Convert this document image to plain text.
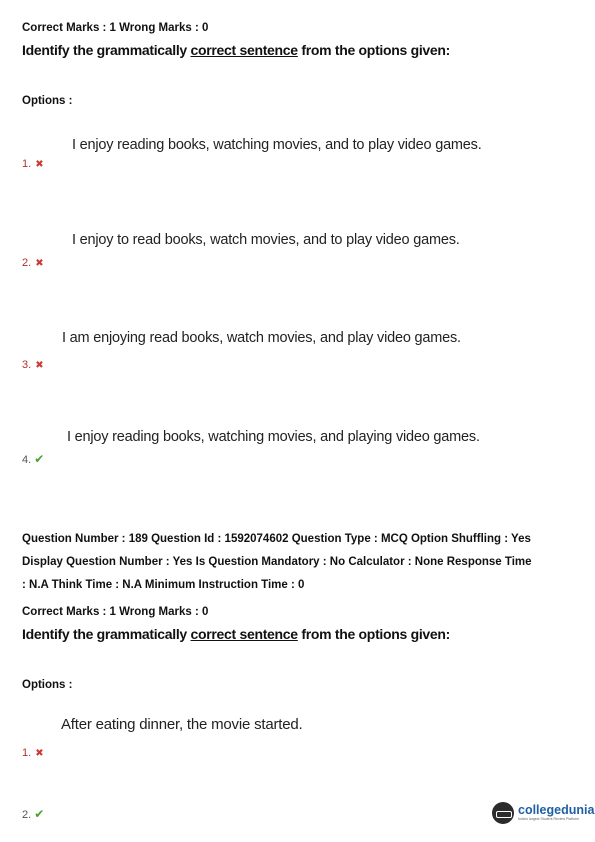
Correct Marks : 1 Wrong Marks : 0
Identify the grammatically correct sentence from the options given:
Options :
I enjoy reading books, watching movies, and to play video games.
1. ✖
I enjoy to read books, watch movies, and to play video games.
2. ✖
I am enjoying read books, watch movies, and play video games.
3. ✖
I enjoy reading books, watching movies, and playing video games.
4. ✔
Question Number : 189 Question Id : 1592074602 Question Type : MCQ Option Shuffling : Yes
Display Question Number : Yes Is Question Mandatory : No Calculator : None Response Time
: N.A Think Time : N.A Minimum Instruction Time : 0
Correct Marks : 1 Wrong Marks : 0
Identify the grammatically correct sentence from the options given:
Options :
After eating dinner, the movie started.
1. ✖
2. ✔	collegedunia
India's largest Student Review Platform
